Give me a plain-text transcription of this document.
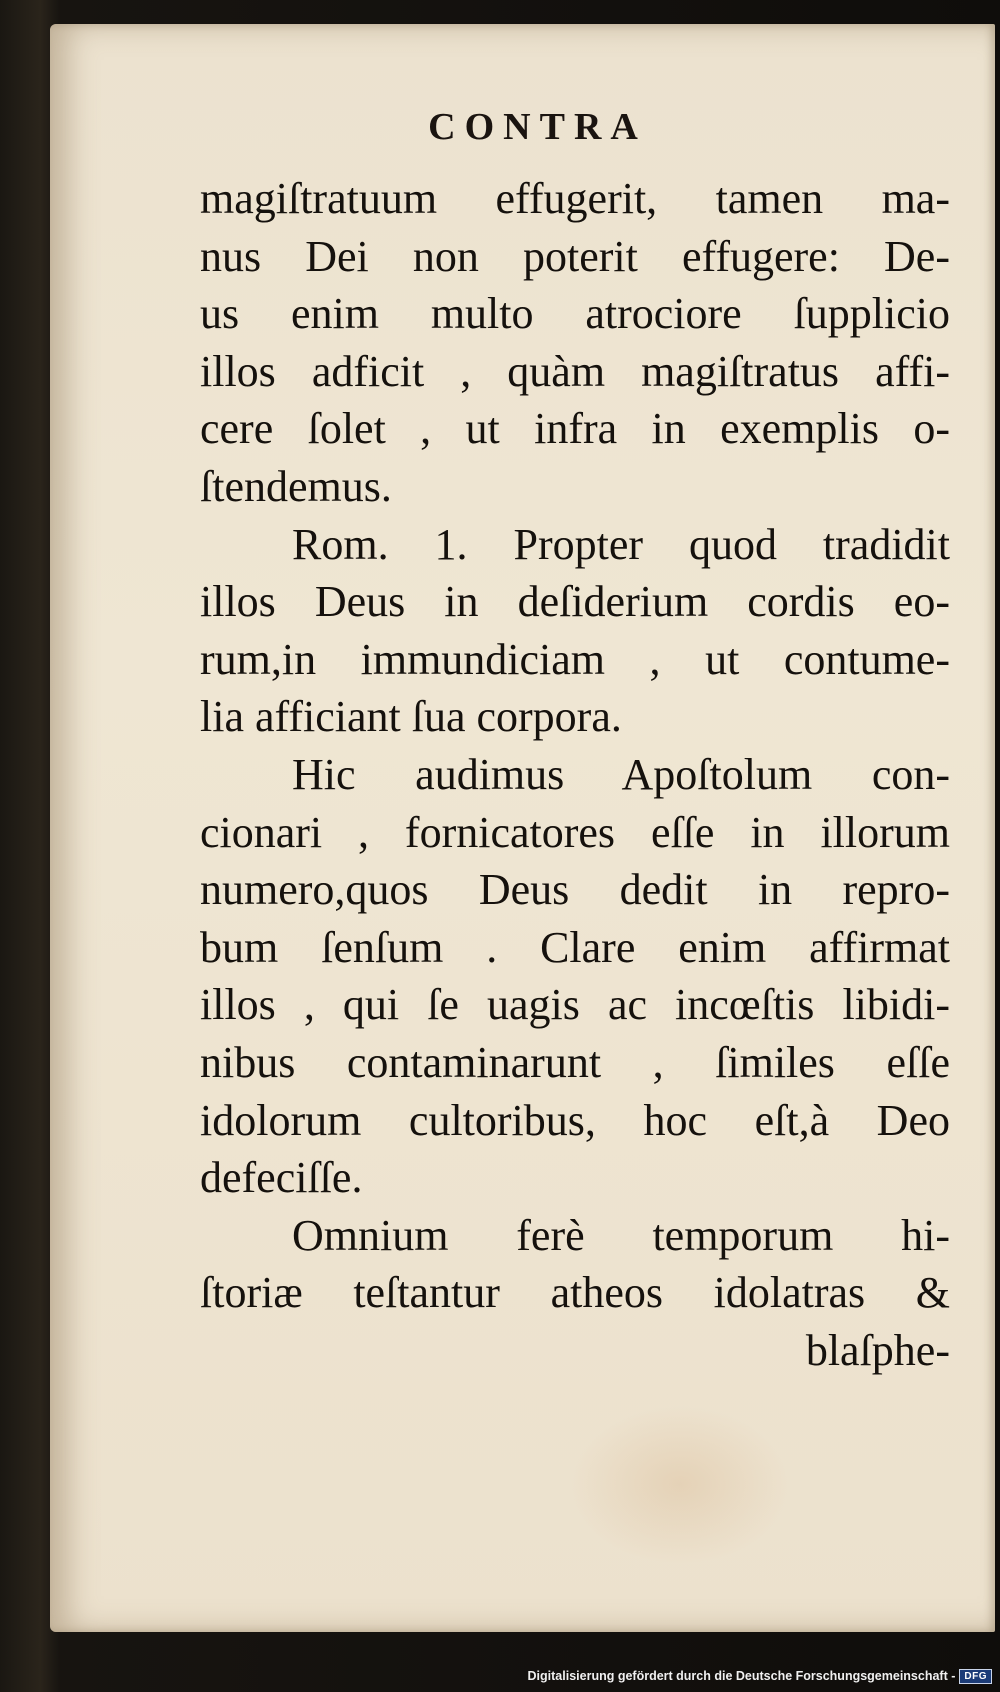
CONTRA
magiſtratuum effugerit, tamen ma-
nus Dei non poterit effugere: De-
us enim multo atrociore ſupplicio
illos adficit , quàm magiſtratus affi-
cere ſolet , ut infra in exemplis o-
ſtendemus.
Rom. 1. Propter quod tradidit
illos Deus in deſiderium cordis eo-
rum,in immundiciam , ut contume-
lia afficiant ſua corpora.
Hic audimus Apoſtolum con-
cionari , fornicatores eſſe in illorum
numero,quos Deus dedit in repro-
bum ſenſum . Clare enim affirmat
illos , qui ſe uagis ac incœſtis libidi-
nibus contaminarunt , ſimiles eſſe
idolorum cultoribus, hoc eſt,à Deo
defeciſſe.
Omnium ferè temporum hi-
ſtoriæ teſtantur atheos idolatras &
blaſphe-
Digitalisierung gefördert durch die Deutsche Forschungsgemeinschaft - DFG
